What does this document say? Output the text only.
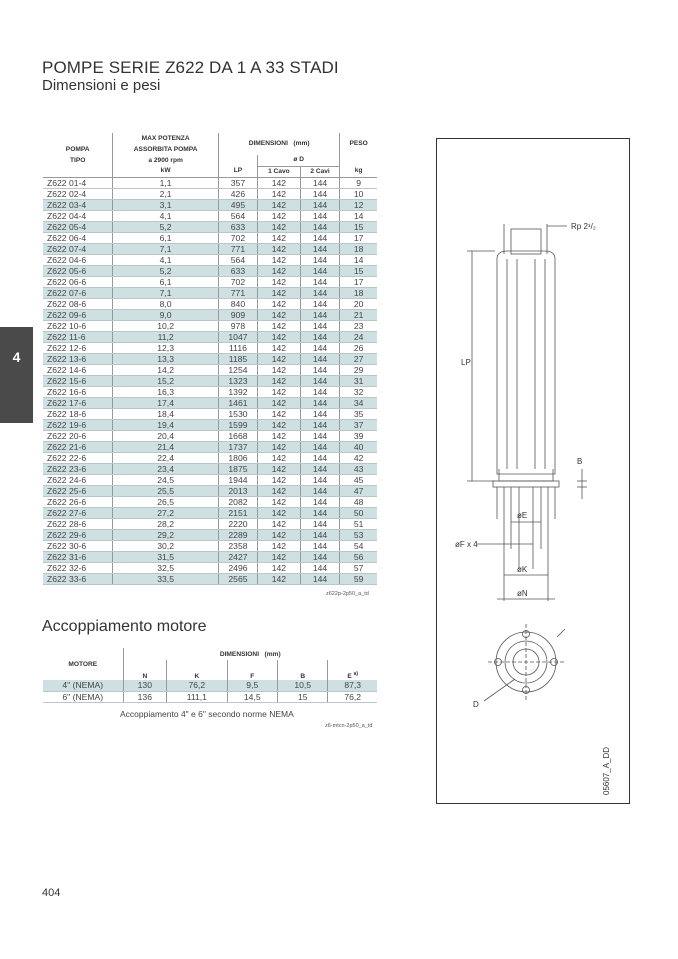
POMPE SERIE Z622 DA 1 A 33 STADI
Dimensioni e pesi
4
	MAX POTENZA	DIMENSIONI (mm)			PESO
POMPA	ASSORBITA POMPA				
TIPO	a 2900 rpm		ø D		
	kW	LP	1 Cavo	2 Cavi	kg
Z622 01-4	1,1	357	142	144	9
Z622 02-4	2,1	426	142	144	10
Z622 03-4	3,1	495	142	144	12
Z622 04-4	4,1	564	142	144	14
Z622 05-4	5,2	633	142	144	15
Z622 06-4	6,1	702	142	144	17
Z622 07-4	7,1	771	142	144	18
Z622 04-6	4,1	564	142	144	14
Z622 05-6	5,2	633	142	144	15
Z622 06-6	6,1	702	142	144	17
Z622 07-6	7,1	771	142	144	18
Z622 08-6	8,0	840	142	144	20
Z622 09-6	9,0	909	142	144	21
Z622 10-6	10,2	978	142	144	23
Z622 11-6	11,2	1047	142	144	24
Z622 12-6	12,3	1116	142	144	26
Z622 13-6	13,3	1185	142	144	27
Z622 14-6	14,2	1254	142	144	29
Z622 15-6	15,2	1323	142	144	31
Z622 16-6	16,3	1392	142	144	32
Z622 17-6	17,4	1461	142	144	34
Z622 18-6	18,4	1530	142	144	35
Z622 19-6	19,4	1599	142	144	37
Z622 20-6	20,4	1668	142	144	39
Z622 21-6	21,4	1737	142	144	40
Z622 22-6	22,4	1806	142	144	42
Z622 23-6	23,4	1875	142	144	43
Z622 24-6	24,5	1944	142	144	45
Z622 25-6	25,5	2013	142	144	47
Z622 26-6	26,5	2082	142	144	48
Z622 27-6	27,2	2151	142	144	50
Z622 28-6	28,2	2220	142	144	51
Z622 29-6	29,2	2289	142	144	53
Z622 30-6	30,2	2358	142	144	54
Z622 31-6	31,5	2427	142	144	56
Z622 32-6	32,5	2496	142	144	57
Z622 33-6	33,5	2565	142	144	59
z622p-2p50_a_td
Accoppiamento motore
MOTORE	DIMENSIONI (mm)				
	N	K	F	B	E $^{a)}$
4" (NEMA)	130	76,2	9,5	10,5	87,3
6" (NEMA)	136	111,1	14,5	15	76,2
Accoppiamento 4" e 6" secondo norme NEMA
z6-mtcn-2p50_a_td
Rp 2¹/₂
LP
B
øE
øF x 4
øK
øN
D
05607_A_DD
404
